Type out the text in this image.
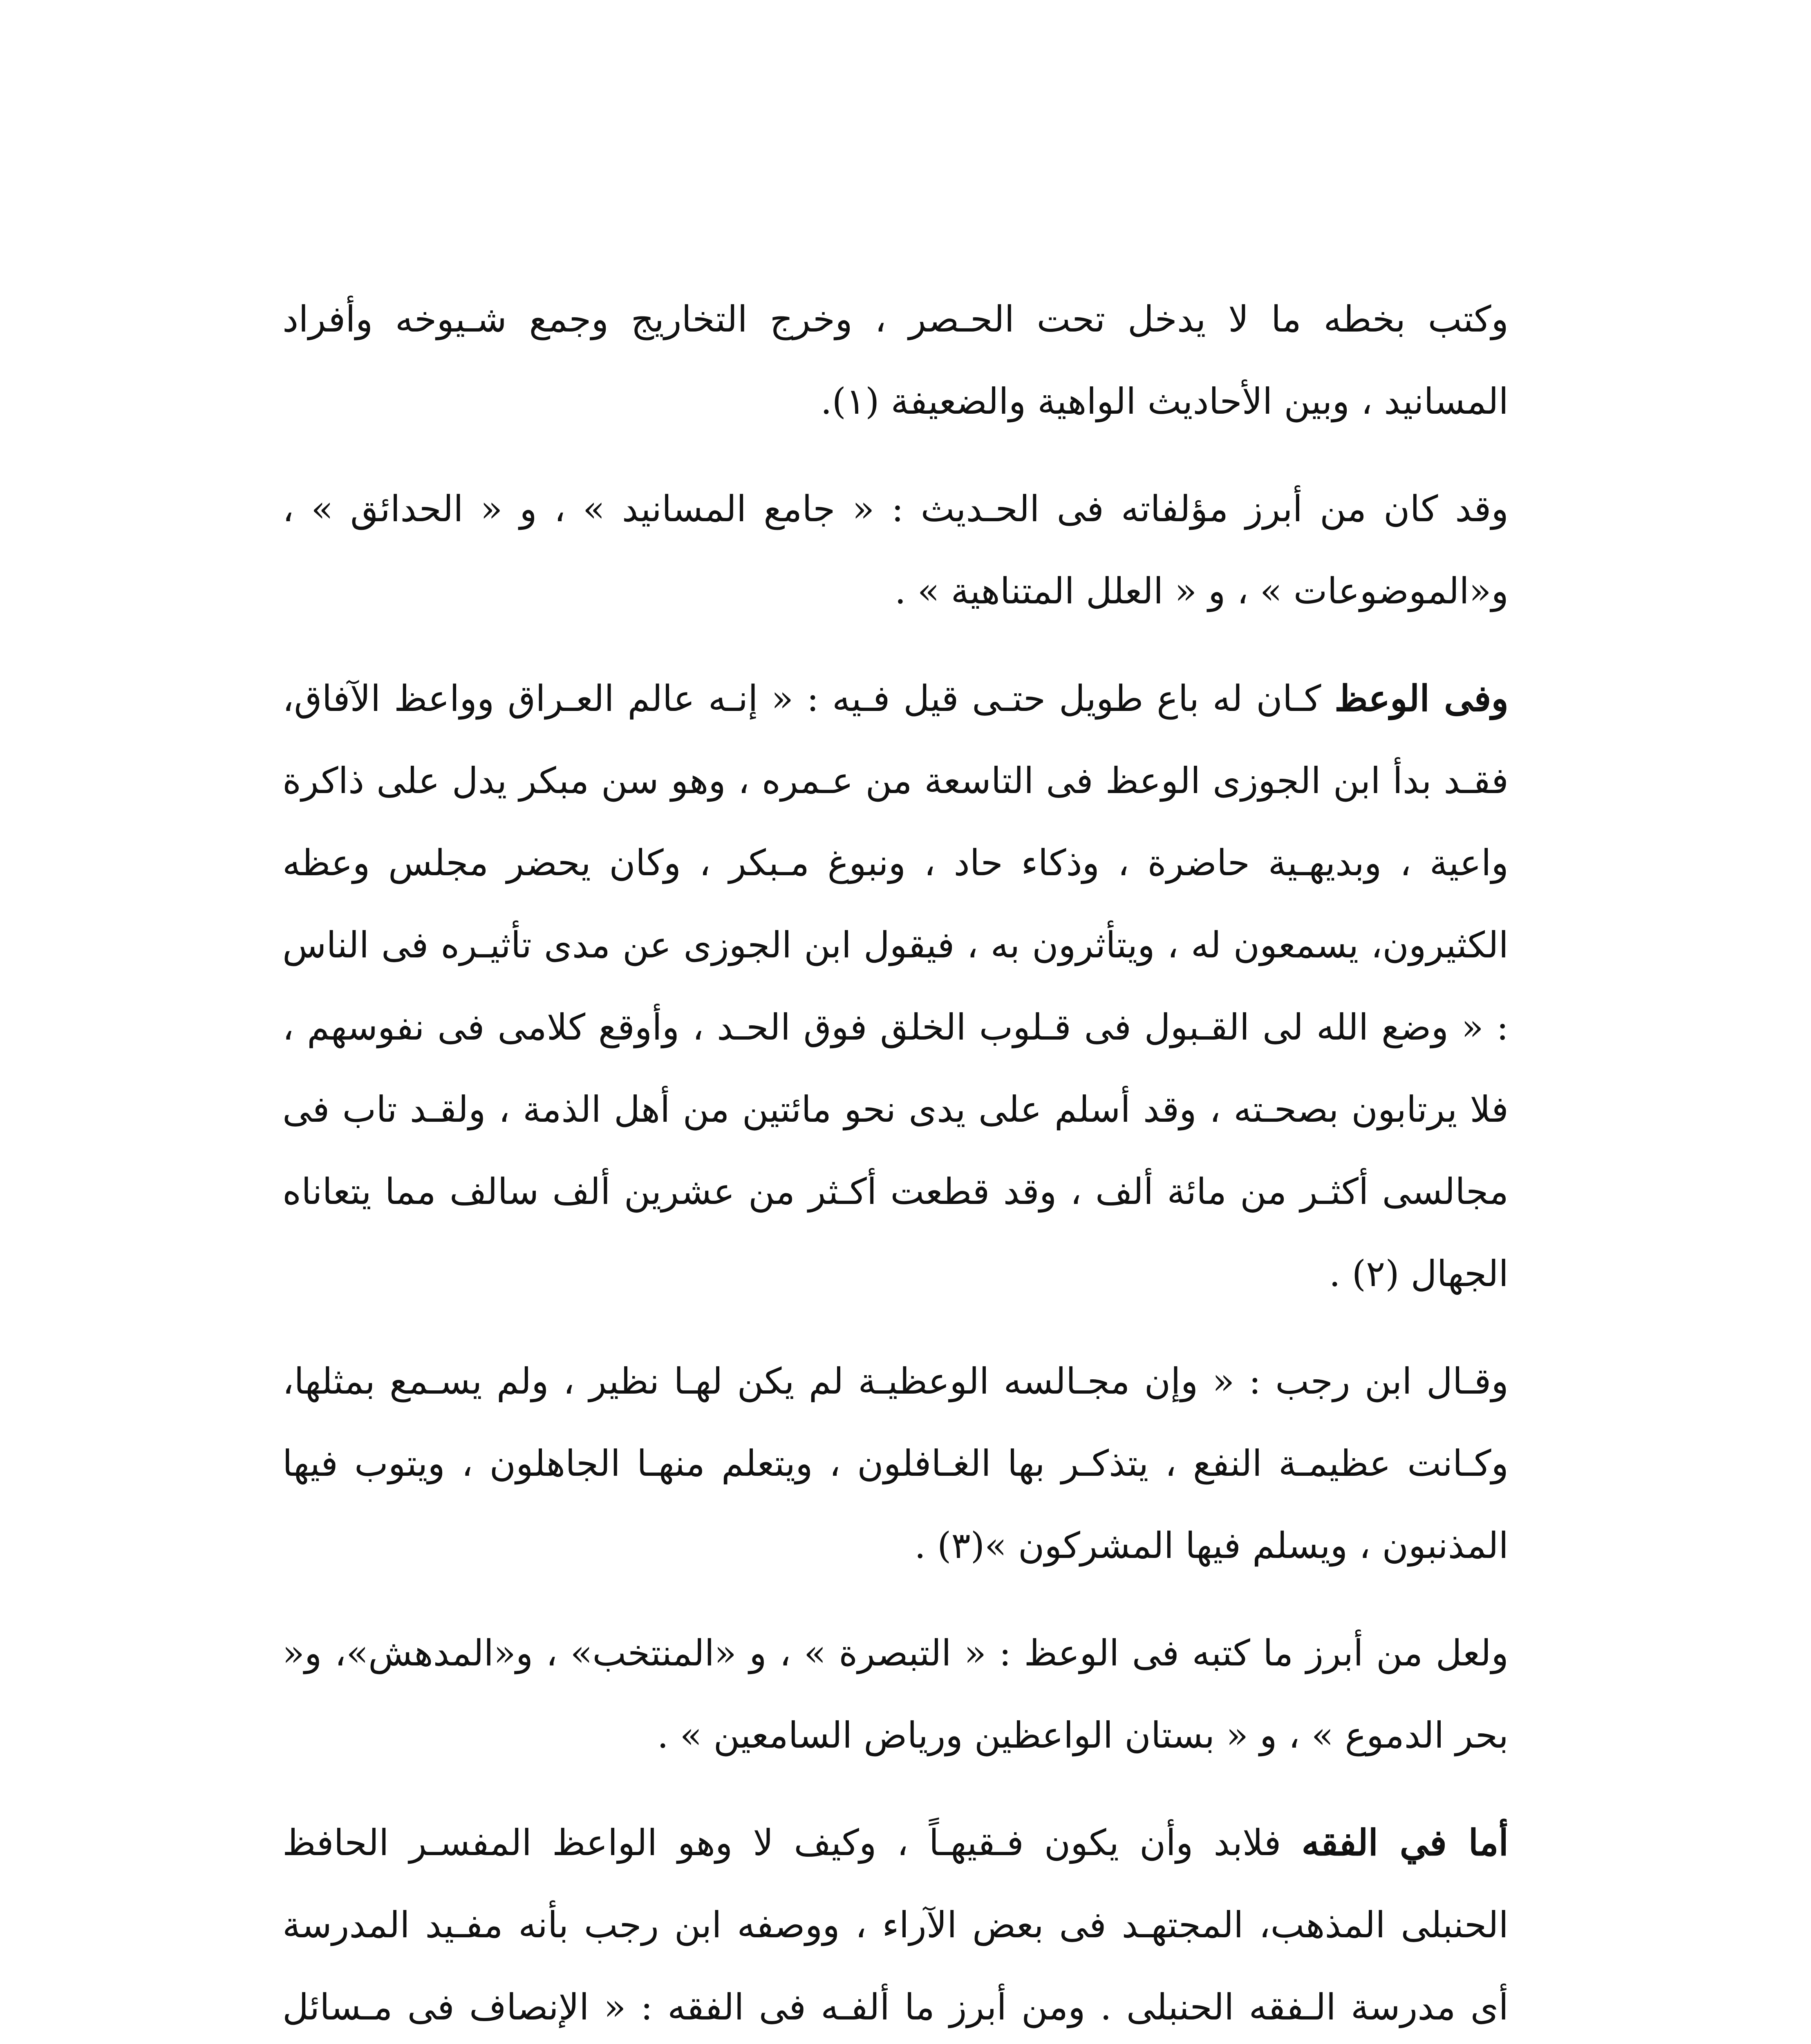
وكتب بخطه ما لا يدخل تحت الحـصر ، وخرج التخاريج وجمع شـيوخه وأفراد المسانيد ، وبين الأحاديث الواهية والضعيفة (١).

وقد كان من أبرز مؤلفاته فى الحـديث : « جامع المسانيد » ، و « الحدائق » ، و«الموضوعات » ، و « العلل المتناهية » .

وفى الوعظ كـان له باع طويل حتـى قيل فـيه : « إنـه عالم العـراق وواعظ الآفاق، فقـد بدأ ابن الجوزى الوعظ فى التاسعة من عـمره ، وهو سن مبكر يدل على ذاكرة واعية ، وبديهـية حاضرة ، وذكاء حاد ، ونبوغ مـبكر ، وكان يحضر مجلس وعظه الكثيرون، يسمعون له ، ويتأثرون به ، فيقول ابن الجوزى عن مدى تأثيـره فى الناس : « وضع الله لى القـبول فى قـلوب الخلق فوق الحـد ، وأوقع كلامى فى نفوسهم ، فلا يرتابون بصحـته ، وقد أسلم على يدى نحو مائتين من أهل الذمة ، ولقـد تاب فى مجالسى أكثـر من مائة ألف ، وقد قطعت أكـثر من عشرين ألف سالف مما يتعاناه الجهال (٢) .

وقـال ابن رجب : « وإن مجـالسه الوعظيـة لم يكن لهـا نظير ، ولم يسـمع بمثلها، وكـانت عظيمـة النفع ، يتذكـر بها الغـافلون ، ويتعلم منهـا الجاهلون ، ويتوب فيها المذنبون ، ويسلم فيها المشركون »(٣) .

ولعل من أبرز ما كتبه فى الوعظ : « التبصرة » ، و «المنتخب» ، و«المدهش»، و« بحر الدموع » ، و « بستان الواعظين ورياض السامعين » .

أما في الفقه فلابد وأن يكون فـقيهـاً ، وكيف لا وهو الواعظ المفسـر الحافظ الحنبلى المذهب، المجتهـد فى بعض الآراء ، ووصفه ابن رجب بأنه مفـيد المدرسة أى مدرسة الـفقه الحنبلى . ومن أبرز ما ألفـه فى الفقه : « الإنصاف فى مـسائل
